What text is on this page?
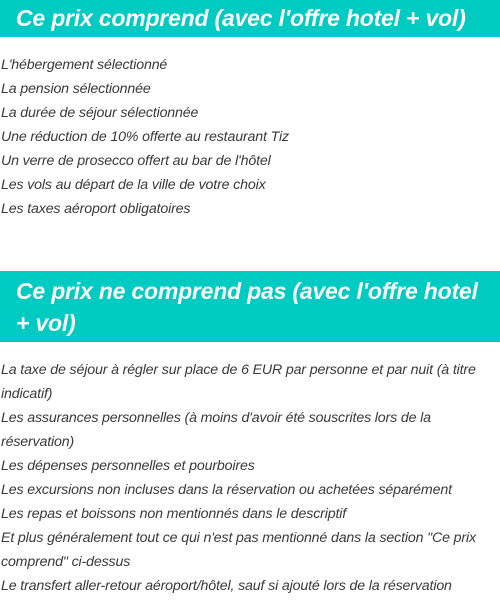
Ce prix comprend (avec l'offre hotel + vol)
L'hébergement sélectionné
La pension sélectionnée
La durée de séjour sélectionnée
Une réduction de 10% offerte au restaurant Tiz
Un verre de prosecco offert au bar de l'hôtel
Les vols au départ de la ville de votre choix
Les taxes aéroport obligatoires
Ce prix ne comprend pas (avec l'offre hotel + vol)
La taxe de séjour à régler sur place de 6 EUR par personne et par nuit (à titre indicatif)
Les assurances personnelles (à moins d'avoir été souscrites lors de la réservation)
Les dépenses personnelles et pourboires
Les excursions non incluses dans la réservation ou achetées séparément
Les repas et boissons non mentionnés dans le descriptif
Et plus généralement tout ce qui n'est pas mentionné dans la section "Ce prix comprend" ci-dessus
Le transfert aller-retour aéroport/hôtel, sauf si ajouté lors de la réservation
